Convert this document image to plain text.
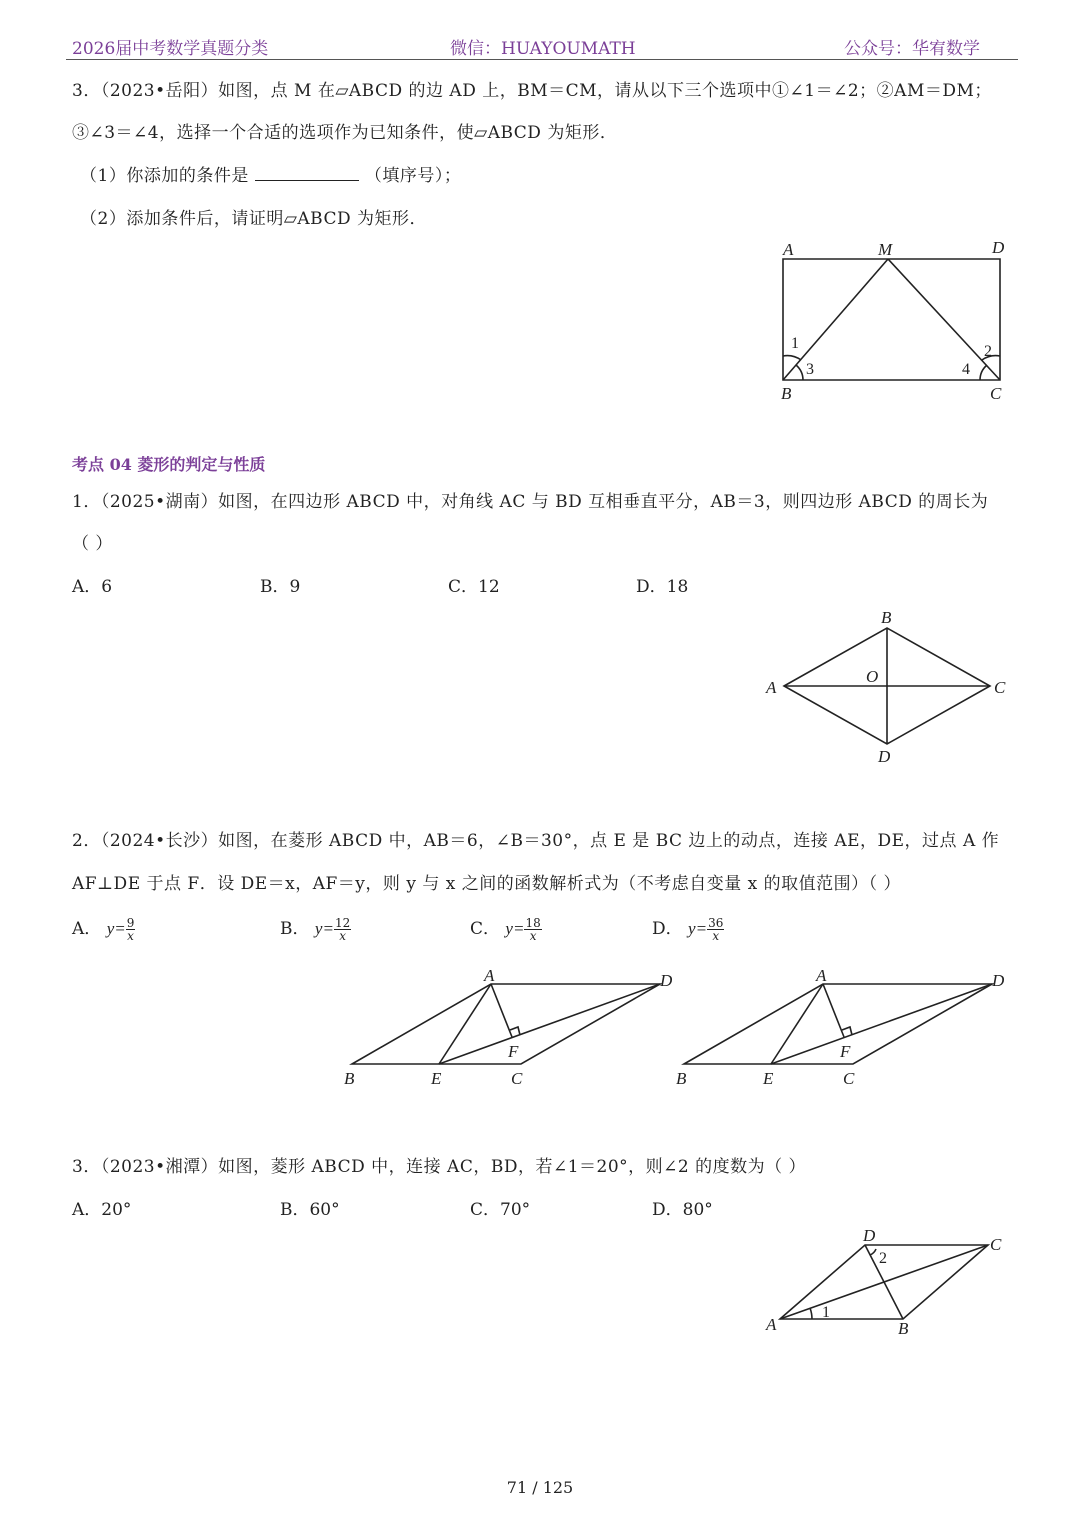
2026届中考数学真题分类	微信：HUAYOUMATH	公众号：华宥数学
3．（2023•岳阳）如图，点 M 在▱ABCD 的边 AD 上，BM＝CM，请从以下三个选项中①∠1＝∠2；②AM＝DM；
③∠3＝∠4，选择一个合适的选项作为已知条件，使▱ABCD 为矩形．
（1）你添加的条件是	（填序号）；
（2）添加条件后，请证明▱ABCD 为矩形．
A	M	D
B	C
1	2
3	4
考点 04 菱形的判定与性质
1．（2025•湖南）如图，在四边形 ABCD 中，对角线 AC 与 BD 互相垂直平分，AB＝3，则四边形 ABCD 的周长为
（ ）
A．6	B．9	C．12	D．18
B
A
O
C
D
2．（2024•长沙）如图，在菱形 ABCD 中，AB＝6，∠B＝30°，点 E 是 BC 边上的动点，连接 AE，DE，过点 A 作
AF⊥DE 于点 F．设 DE＝x，AF＝y，则 y 与 x 之间的函数解析式为（不考虑自变量 x 的取值范围）（ ）
A． $y= \frac{9}{x}$	B． $y= \frac{12}{x}$	C． $y= \frac{18}{x}$	D． $y= \frac{36}{x}$
A	D
F
B	E	C
A	D
F
B	E	C
3．（2023•湘潭）如图，菱形 ABCD 中，连接 AC，BD，若∠1＝20°，则∠2 的度数为（ ）
A．20°	B．60°	C．70°	D．80°
D	C
2
1
A	B
71 / 125
